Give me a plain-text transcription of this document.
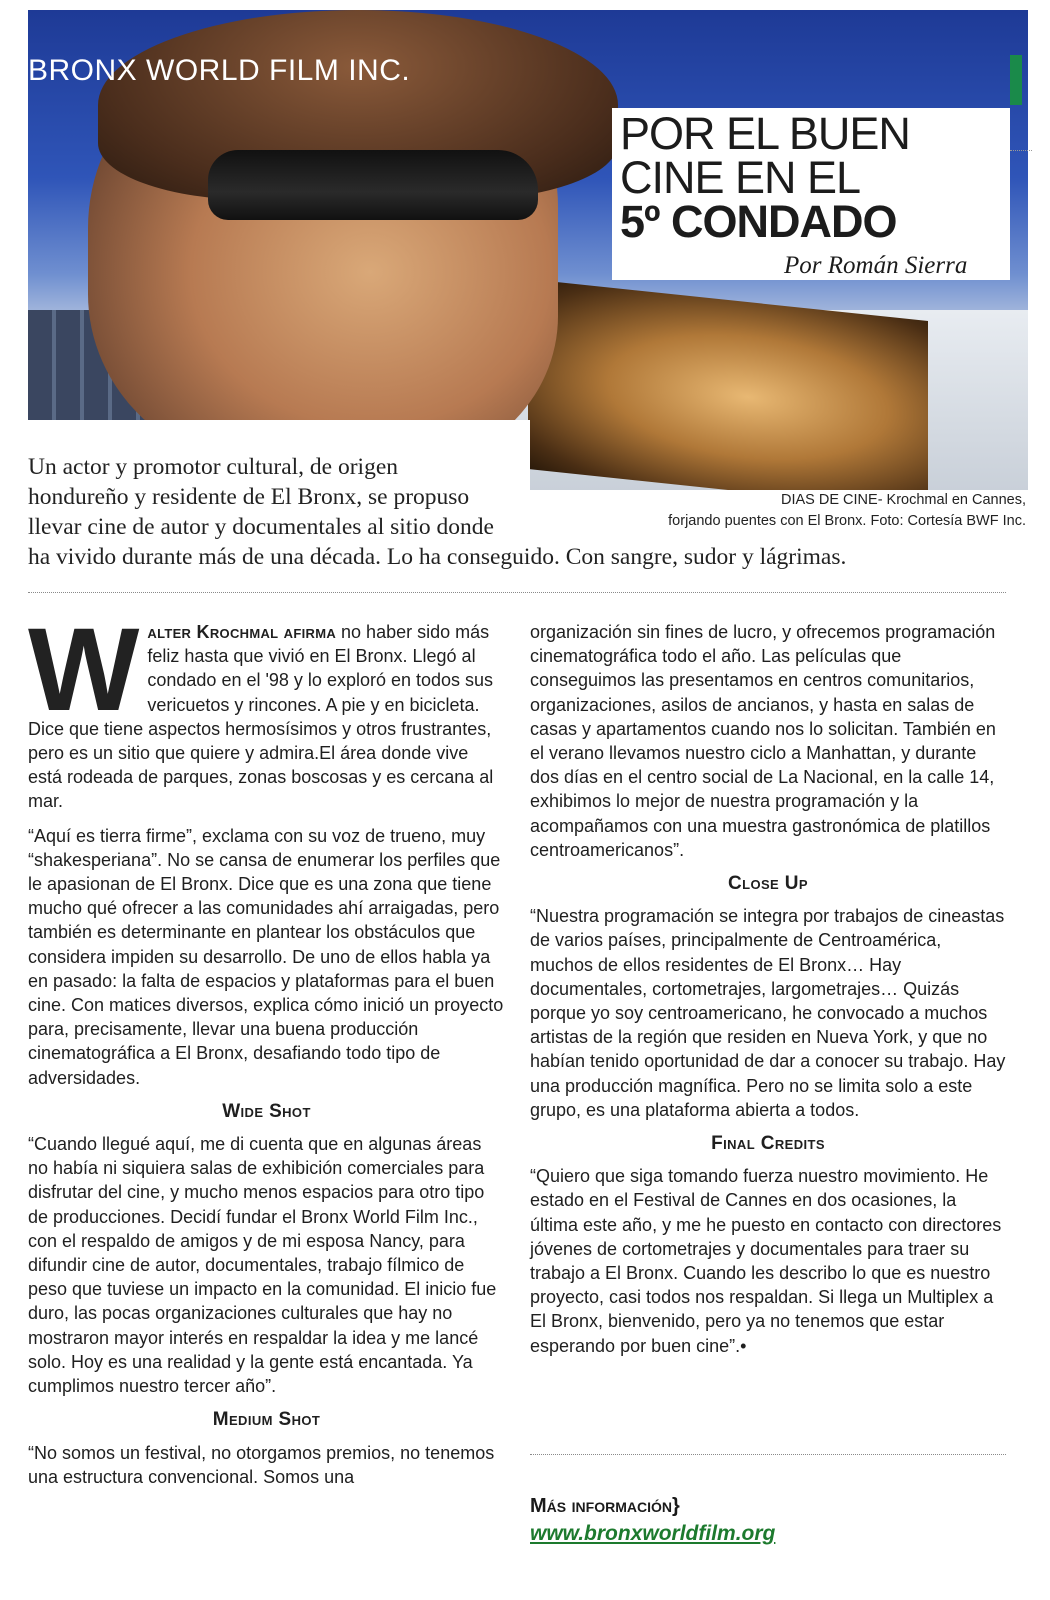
BRONX WORLD FILM INC.
POR EL BUEN
CINE EN EL
5º CONDADO
Por Román Sierra
Un actor y promotor cultural, de origen
hondureño y residente de El Bronx, se propuso
llevar cine de autor y documentales al sitio donde
ha vivido durante más de una década. Lo ha conseguido. Con sangre, sudor y lágrimas.
DIAS DE CINE- Krochmal en Cannes,
forjando puentes con El Bronx. Foto: Cortesía BWF Inc.

Walter Krochmal afirma no haber sido más feliz hasta que vivió en El Bronx. Llegó al condado en el '98 y lo exploró en todos sus vericuetos y rincones. A pie y en bicicleta. Dice que tiene aspectos hermosísimos y otros frustrantes, pero es un sitio que quiere y admira.El área donde vive está rodeada de parques, zonas boscosas y es cercana al mar.

“Aquí es tierra firme”, exclama con su voz de trueno, muy “shakesperiana”. No se cansa de enumerar los perfiles que le apasionan de El Bronx. Dice que es una zona que tiene mucho qué ofrecer a las comunidades ahí arraigadas, pero también es determinante en plantear los obstáculos que considera impiden su desarrollo. De uno de ellos habla ya en pasado: la falta de espacios y plataformas para el buen cine. Con matices diversos, explica cómo inició un proyecto para, precisamente, llevar una buena producción cinematográfica a El Bronx, desafiando todo tipo de adversidades.

Wide Shot

“Cuando llegué aquí, me di cuenta que en algunas áreas no había ni siquiera salas de exhibición comerciales para disfrutar del cine, y mucho menos espacios para otro tipo de producciones. Decidí fundar el Bronx World Film Inc., con el respaldo de amigos y de mi esposa Nancy, para difundir cine de autor, documentales, trabajo fílmico de peso que tuviese un impacto en la comunidad. El inicio fue duro, las pocas organizaciones culturales que hay no mostraron mayor interés en respaldar la idea y me lancé solo. Hoy es una realidad y la gente está encantada. Ya cumplimos nuestro tercer año”.

Medium Shot

“No somos un festival, no otorgamos premios, no tenemos una estructura convencional. Somos una

organización sin fines de lucro, y ofrecemos programación cinematográfica todo el año. Las películas que conseguimos las presentamos en centros comunitarios, organizaciones, asilos de ancianos, y hasta en salas de casas y apartamentos cuando nos lo solicitan. También en el verano llevamos nuestro ciclo a Manhattan, y durante dos días en el centro social de La Nacional, en la calle 14, exhibimos lo mejor de nuestra programación y la acompañamos con una muestra gastronómica de platillos centroamericanos”.

Close Up

“Nuestra programación se integra por trabajos de cineastas de varios países, principalmente de Centroamérica, muchos de ellos residentes de El Bronx… Hay documentales, cortometrajes, largometrajes… Quizás porque yo soy centroamericano, he convocado a muchos artistas de la región que residen en Nueva York, y que no habían tenido oportunidad de dar a conocer su trabajo. Hay una producción magnífica. Pero no se limita solo a este grupo, es una plataforma abierta a todos.

Final Credits

“Quiero que siga tomando fuerza nuestro movimiento. He estado en el Festival de Cannes en dos ocasiones, la última este año, y me he puesto en contacto con directores jóvenes de cortometrajes y documentales para traer su trabajo a El Bronx. Cuando les describo lo que es nuestro proyecto, casi todos nos respaldan. Si llega un Multiplex a El Bronx, bienvenido, pero ya no tenemos que estar esperando por buen cine”.•

Más información}
www.bronxworldfilm.org
